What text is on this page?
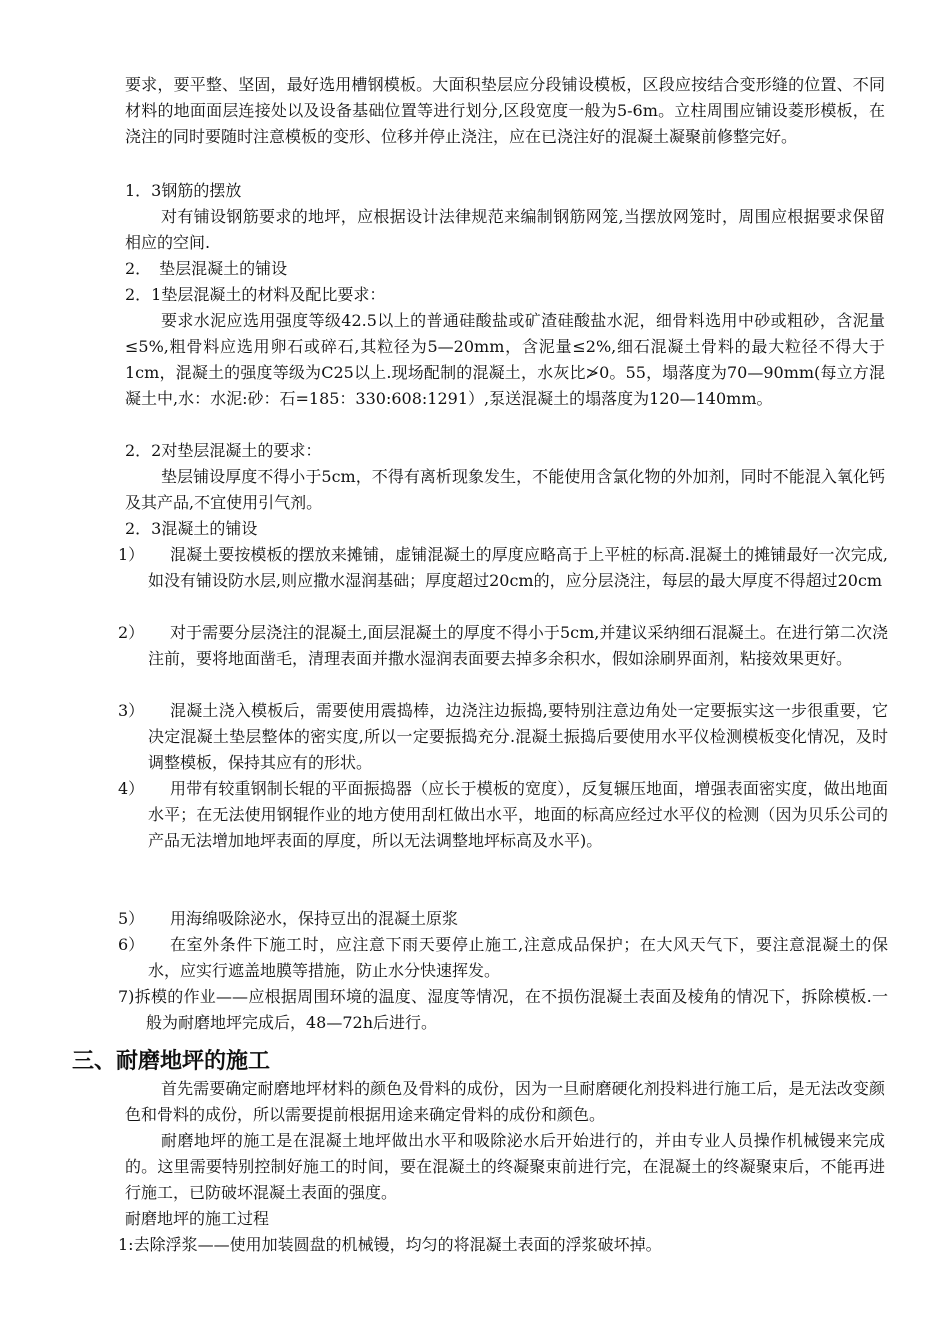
要求，要平整、坚固，最好选用槽钢模板。大面积垫层应分段铺设模板，区段应按结合变形缝的位置、不同材料的地面面层连接处以及设备基础位置等进行划分,区段宽度一般为5-6m。立柱周围应铺设菱形模板，在浇注的同时要随时注意模板的变形、位移并停止浇注，应在已浇注好的混凝土凝聚前修整完好。
1．3钢筋的摆放
对有铺设钢筋要求的地坪，应根据设计法律规范来编制钢筋网笼,当摆放网笼时，周围应根据要求保留相应的空间.
2．　垫层混凝土的铺设
2．1垫层混凝土的材料及配比要求：
要求水泥应选用强度等级42.5以上的普通硅酸盐或矿渣硅酸盐水泥，细骨料选用中砂或粗砂，含泥量≤5%,粗骨料应选用卵石或碎石,其粒径为5—20mm，含泥量≤2%,细石混凝土骨料的最大粒径不得大于1cm，混凝土的强度等级为C25以上.现场配制的混凝土，水灰比≯0。55，塌落度为70—90mm(每立方混凝土中,水：水泥:砂：石=185：330:608:1291）,泵送混凝土的塌落度为120—140mm。
2．2对垫层混凝土的要求：
垫层铺设厚度不得小于5cm，不得有离析现象发生，不能使用含氯化物的外加剂，同时不能混入氧化钙及其产品,不宜使用引气剂。
2．3混凝土的铺设
1）	混凝土要按模板的摆放来摊铺，虚铺混凝土的厚度应略高于上平桩的标高.混凝土的摊铺最好一次完成,如没有铺设防水层,则应撒水湿润基础；厚度超过20cm的，应分层浇注，每层的最大厚度不得超过20cm
2）	对于需要分层浇注的混凝土,面层混凝土的厚度不得小于5cm,并建议采纳细石混凝土。在进行第二次浇注前，要将地面凿毛，清理表面并撒水湿润表面要去掉多余积水，假如涂刷界面剂，粘接效果更好。
3）	混凝土浇入模板后，需要使用震捣棒，边浇注边振捣,要特别注意边角处一定要振实这一步很重要，它决定混凝土垫层整体的密实度,所以一定要振捣充分.混凝土振捣后要使用水平仪检测模板变化情况，及时调整模板，保持其应有的形状。
4）	用带有较重钢制长辊的平面振捣器（应长于模板的宽度），反复辗压地面，增强表面密实度，做出地面水平；在无法使用钢辊作业的地方使用刮杠做出水平，地面的标高应经过水平仪的检测（因为贝乐公司的产品无法增加地坪表面的厚度，所以无法调整地坪标高及水平)。
5）	用海绵吸除泌水，保持豆出的混凝土原浆
6）	在室外条件下施工时，应注意下雨天要停止施工,注意成品保护；在大风天气下，要注意混凝土的保水，应实行遮盖地膜等措施，防止水分快速挥发。
7)拆模的作业——应根据周围环境的温度、湿度等情况，在不损伤混凝土表面及棱角的情况下，拆除模板.一般为耐磨地坪完成后，48—72h后进行。
三、耐磨地坪的施工
首先需要确定耐磨地坪材料的颜色及骨料的成份，因为一旦耐磨硬化剂投料进行施工后，是无法改变颜色和骨料的成份，所以需要提前根据用途来确定骨料的成份和颜色。
耐磨地坪的施工是在混凝土地坪做出水平和吸除泌水后开始进行的，并由专业人员操作机械镘来完成的。这里需要特别控制好施工的时间，要在混凝土的终凝聚束前进行完，在混凝土的终凝聚束后，不能再进行施工，已防破坏混凝土表面的强度。
耐磨地坪的施工过程
1:去除浮浆——使用加装圆盘的机械镘，均匀的将混凝土表面的浮浆破坏掉。
